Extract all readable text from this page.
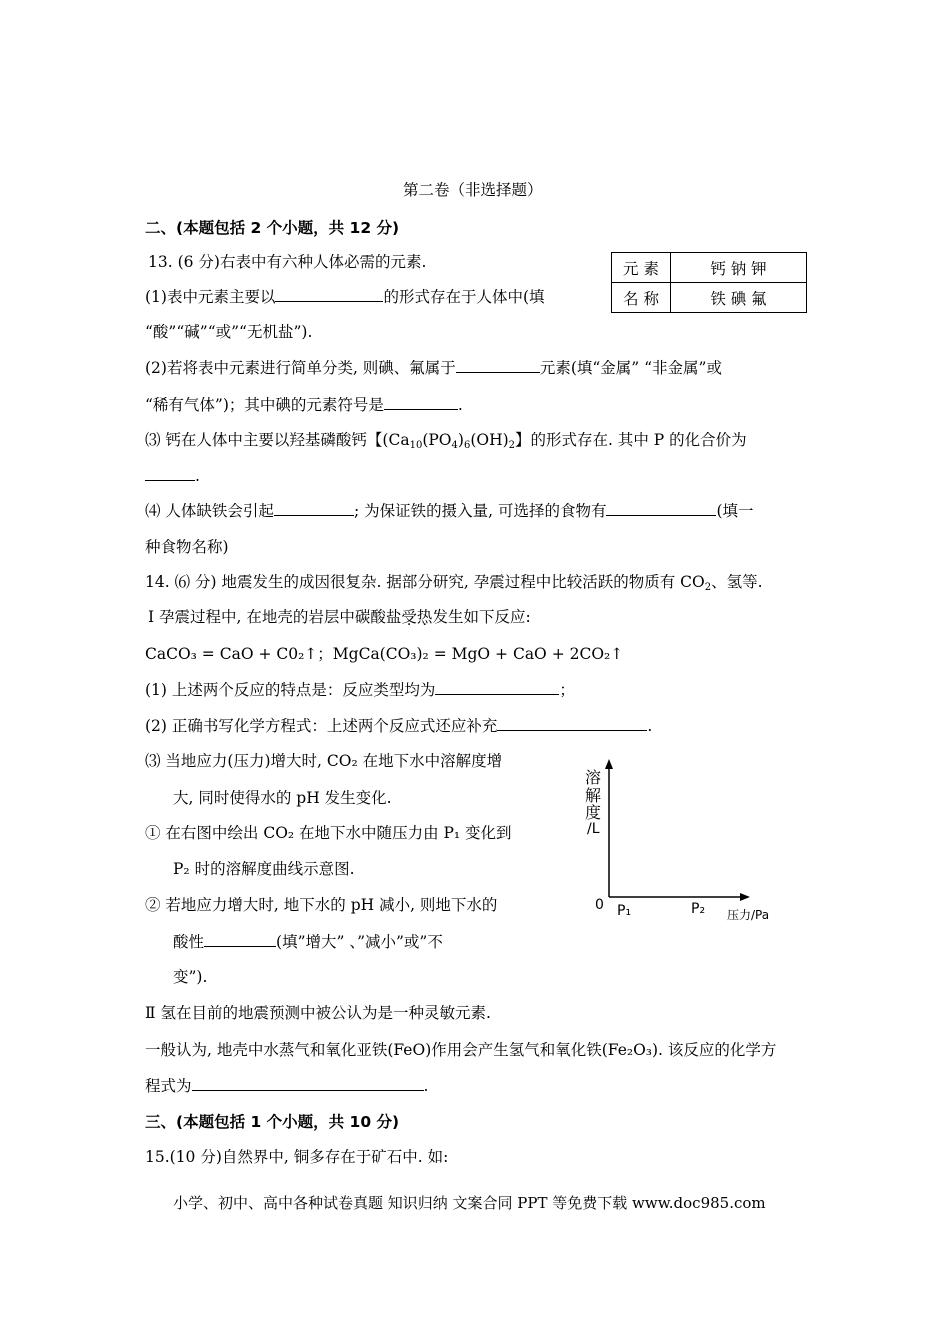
第二卷（非选择题）
二、(本题包括 2 个小题，共 12 分)
13. (6 分)右表中有六种人体必需的元素.	元 素	钙 钠 钾
名 称	铁 碘 氟
(1)表中元素主要以	的形式存在于人体中(填
“酸”“碱”“或”“无机盐”).
(2)若将表中元素进行简单分类, 则碘、氟属于	元素(填“金属” “非金属”或
“稀有气体”)；其中碘的元素符号是	.
⑶ 钙在人体中主要以羟基磷酸钙【($Ca_{10}(PO_4)_6(OH)_2$】的形式存在. 其中 P 的化合价为
.
⑷ 人体缺铁会引起	; 为保证铁的摄入量, 可选择的食物有	(填一
种食物名称)
14. ⑹ 分) 地震发生的成因很复杂. 据部分研究, 孕震过程中比较活跃的物质有 $CO_2$、氢等.
Ⅰ 孕震过程中, 在地壳的岩层中碳酸盐受热发生如下反应:
CaCO₃ = CaO + C0₂↑；MgCa(CO₃)₂ = MgO + CaO + 2CO₂↑
(1) 上述两个反应的特点是：反应类型均为	；
(2) 正确书写化学方程式：上述两个反应式还应补充	.
⑶ 当地应力(压力)增大时, CO₂ 在地下水中溶解度增
大, 同时使得水的 pH 发生变化.
① 在右图中绘出 CO₂ 在地下水中随压力由 P₁ 变化到
P₂ 时的溶解度曲线示意图.
② 若地应力增大时, 地下水的 pH 减小, 则地下水的
酸性	(填”增大” 、”减小”或”不
变”).
溶
解
度
/L
0 P₁	P₂ 压力/Pa
Ⅱ 氢在目前的地震预测中被公认为是一种灵敏元素.
一般认为, 地壳中水蒸气和氧化亚铁(FeO)作用会产生氢气和氧化铁(Fe₂O₃). 该反应的化学方
程式为	.
三、(本题包括 1 个小题，共 10 分)
15.(10 分)自然界中, 铜多存在于矿石中. 如:
小学、初中、高中各种试卷真题 知识归纳 文案合同 PPT 等免费下载 www.doc985.com
